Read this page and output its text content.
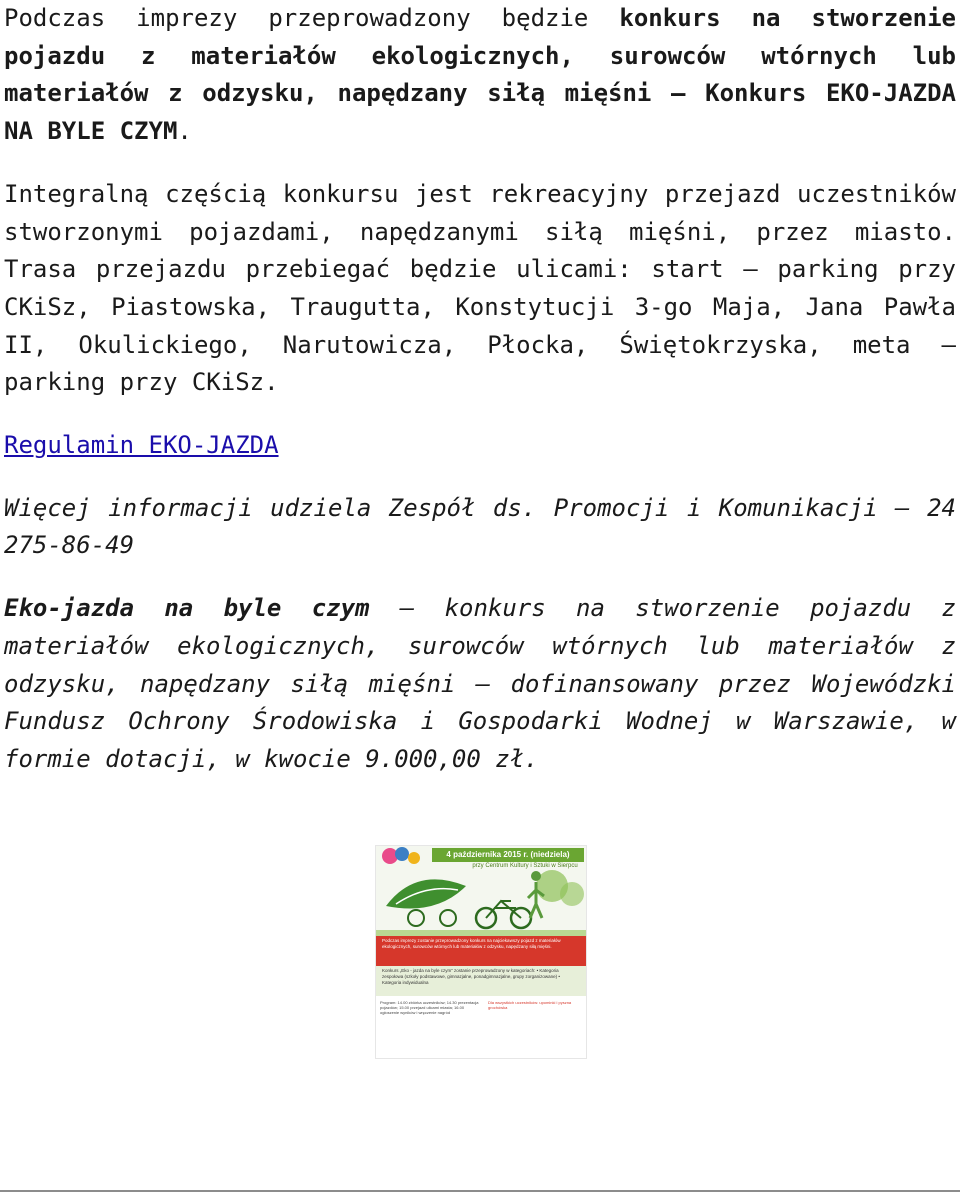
Podczas imprezy przeprowadzony będzie konkurs na stworzenie pojazdu z materiałów ekologicznych, surowców wtórnych lub materiałów z odzysku, napędzany siłą mięśni – Konkurs EKO-JAZDA NA BYLE CZYM.

Integralną częścią konkursu jest rekreacyjny przejazd uczestników stworzonymi pojazdami, napędzanymi siłą mięśni, przez miasto. Trasa przejazdu przebiegać będzie ulicami: start – parking przy CKiSz, Piastowska, Traugutta, Konstytucji 3-go Maja, Jana Pawła II, Okulickiego, Narutowicza, Płocka, Świętokrzyska, meta – parking przy CKiSz.

Regulamin EKO-JAZDA

Więcej informacji udziela Zespół ds. Promocji i Komunikacji – 24 275-86-49

Eko-jazda na byle czym – konkurs na stworzenie pojazdu z materiałów ekologicznych, surowców wtórnych lub materiałów z odzysku, napędzany siłą mięśni – dofinansowany przez Wojewódzki Fundusz Ochrony Środowiska i Gospodarki Wodnej w Warszawie, w formie dotacji, w kwocie 9.000,00 zł.

4 października 2015 r. (niedziela)
przy Centrum Kultury i Sztuki w Sierpcu
Podczas imprezy zostanie przeprowadzony konkurs na najciekawszy pojazd z materiałów ekologicznych, surowców wtórnych lub materiałów z odzysku, napędzany siłą mięśni.
Konkurs „Eko - jazda na byle czym” zostanie przeprowadzony w kategoriach: • Kategoria zespołowa (szkoły podstawowe, gimnazjalne, ponadgimnazjalne, grupy zorganizowane) • Kategoria indywidualna
Program: 14.00 zbiórka uczestników; 14.30 prezentacja pojazdów; 15.00 przejazd ulicami miasta; 16.00 ogłoszenie wyników i wręczenie nagród
Dla wszystkich uczestników: upominki i pyszna grochówka
